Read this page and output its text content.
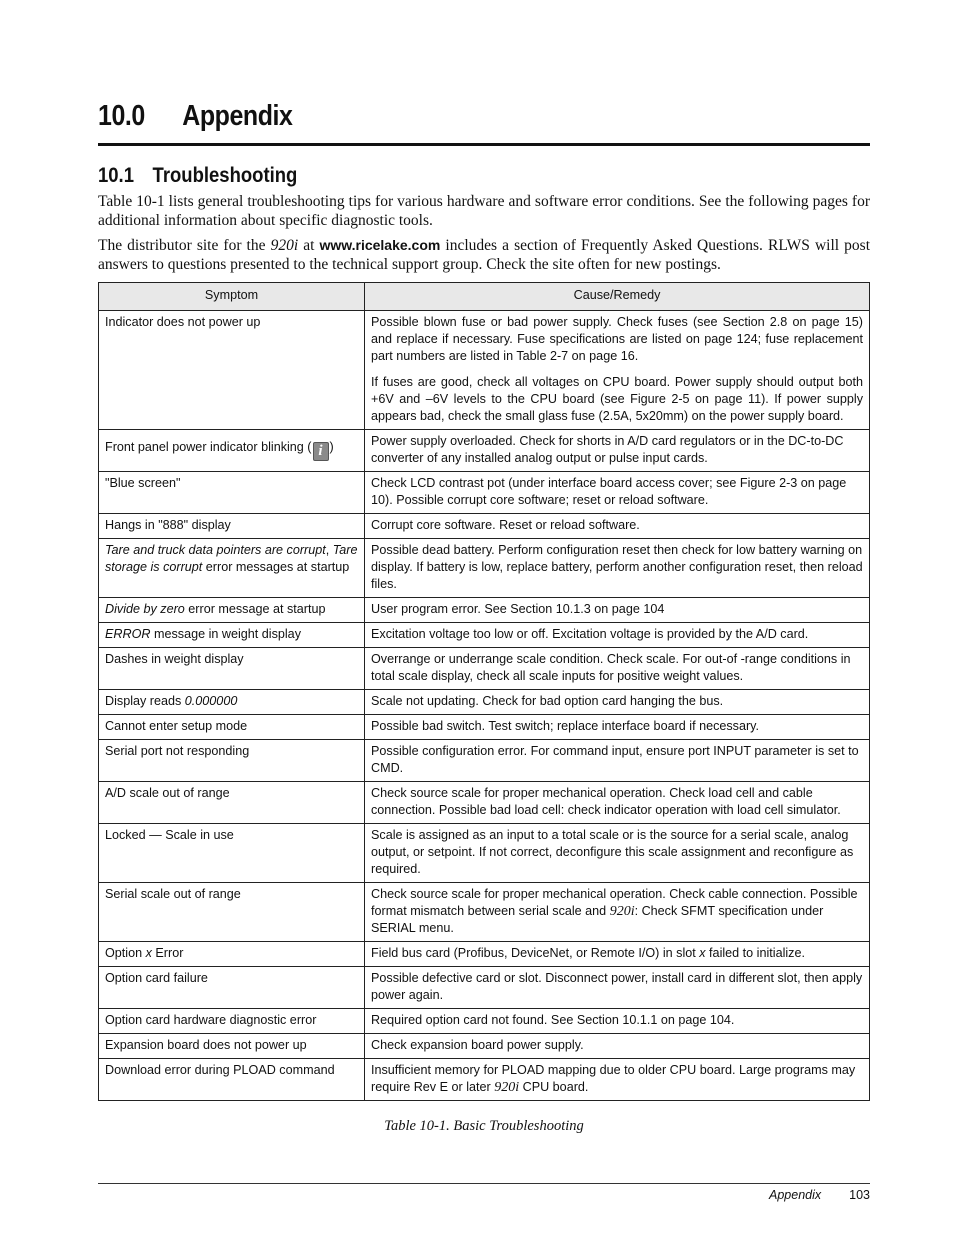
10.0 Appendix
10.1 Troubleshooting

Table 10-1 lists general troubleshooting tips for various hardware and software error conditions. See the following pages for additional information about specific diagnostic tools.

The distributor site for the 920i at www.ricelake.com includes a section of Frequently Asked Questions. RLWS will post answers to questions presented to the technical support group. Check the site often for new postings.

Symptom	Cause/Remedy
Indicator does not power up	Possible blown fuse or bad power supply. Check fuses (see Section 2.8 on page 15) and replace if necessary. Fuse specifications are listed on page 124; fuse replacement part numbers are listed in Table 2-7 on page 16.
If fuses are good, check all voltages on CPU board. Power supply should output both +6V and –6V levels to the CPU board (see Figure 2-5 on page 11). If power supply appears bad, check the small glass fuse (2.5A, 5x20mm) on the power supply board.

Front panel power indicator blinking ( i )	Power supply overloaded. Check for shorts in A/D card regulators or in the DC-to-DC converter of any installed analog output or pulse input cards.
"Blue screen"	Check LCD contrast pot (under interface board access cover; see Figure 2-3 on page 10). Possible corrupt core software; reset or reload software.
Hangs in "888" display	Corrupt core software. Reset or reload software.
Tare and truck data pointers are corrupt, Tare storage is corrupt error messages at startup	Possible dead battery. Perform configuration reset then check for low battery warning on display. If battery is low, replace battery, perform another configuration reset, then reload files.
Divide by zero error message at startup	User program error. See Section 10.1.3 on page 104
ERROR message in weight display	Excitation voltage too low or off. Excitation voltage is provided by the A/D card.
Dashes in weight display	Overrange or underrange scale condition. Check scale. For out-of -range conditions in total scale display, check all scale inputs for positive weight values.
Display reads 0.000000	Scale not updating. Check for bad option card hanging the bus.
Cannot enter setup mode	Possible bad switch. Test switch; replace interface board if necessary.
Serial port not responding	Possible configuration error. For command input, ensure port INPUT parameter is set to CMD.
A/D scale out of range	Check source scale for proper mechanical operation. Check load cell and cable connection. Possible bad load cell: check indicator operation with load cell simulator.
Locked — Scale in use	Scale is assigned as an input to a total scale or is the source for a serial scale, analog output, or setpoint. If not correct, deconfigure this scale assignment and reconfigure as required.
Serial scale out of range	Check source scale for proper mechanical operation. Check cable connection. Possible format mismatch between serial scale and 920i: Check SFMT specification under SERIAL menu.
Option x Error	Field bus card (Profibus, DeviceNet, or Remote I/O) in slot x failed to initialize.
Option card failure	Possible defective card or slot. Disconnect power, install card in different slot, then apply power again.
Option card hardware diagnostic error	Required option card not found. See Section 10.1.1 on page 104.
Expansion board does not power up	Check expansion board power supply.
Download error during PLOAD command	Insufficient memory for PLOAD mapping due to older CPU board. Large programs may require Rev E or later 920i CPU board.

Table 10-1. Basic Troubleshooting

Appendix 103
